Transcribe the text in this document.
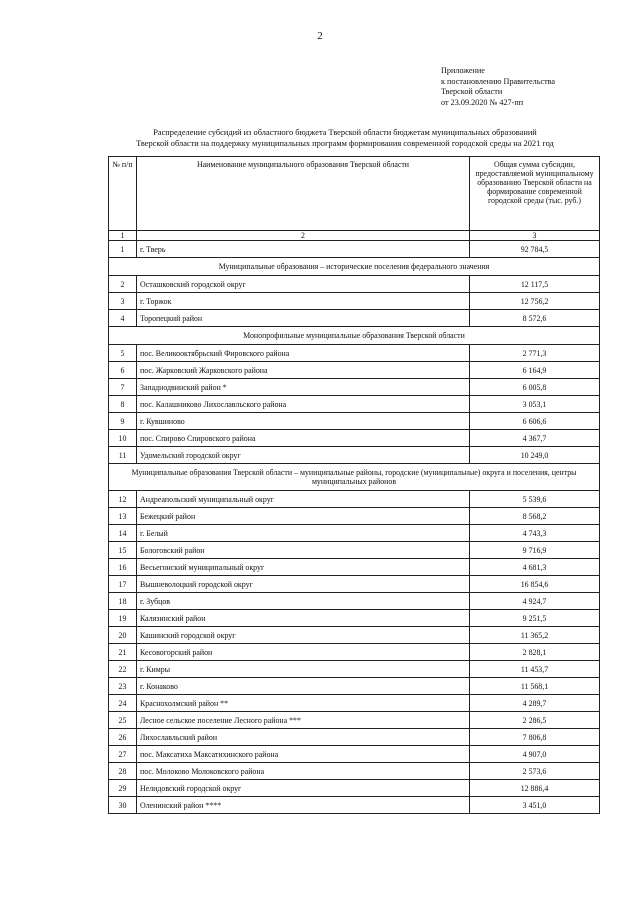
2
Приложение
к постановлению Правительства
Тверской области
от 23.09.2020 № 427-пп
Распределение субсидий из областного бюджета Тверской области бюджетам муниципальных образований
Тверской области на поддержку муниципальных программ формирования современной городской среды на 2021 год
№ п/п	Наименование муниципального образования Тверской области	Общая сумма субсидии, предоставляемой муниципальному образованию Тверской области на формирование современной городской среды (тыс. руб.)
1	2	3
1	г. Тверь	92 784,5
Муниципальные образования – исторические поселения федерального значения		
2	Осташковский городской округ	12 117,5
3	г. Торжок	12 756,2
4	Торопецкий район	8 572,6
Монопрофильные муниципальные образования Тверской области		
5	пос. Великооктябрьский Фировского района	2 771,3
6	пос. Жарковский Жарковского района	6 164,9
7	Западнодвинский район *	6 005,8
8	пос. Калашниково Лихославльского района	3 053,1
9	г. Кувшиново	6 606,6
10	пос. Спирово Спировского района	4 367,7
11	Удомельский городской округ	10 249,0
Муниципальные образования Тверской области – муниципальные районы, городские (муниципальные) округа и поселения, центры муниципальных районов		
12	Андреапольский муниципальный округ	5 539,6
13	Бежецкий район	8 568,2
14	г. Белый	4 743,3
15	Бологовский район	9 716,9
16	Весьегонский муниципальный округ	4 681,3
17	Вышневолоцкий городской округ	16 854,6
18	г. Зубцов	4 924,7
19	Калязинский район	9 251,5
20	Кашинский городской округ	11 365,2
21	Кесовогорский район	2 828,1
22	г. Кимры	11 453,7
23	г. Конаково	11 568,1
24	Краснохолмский район **	4 289,7
25	Лесное сельское поселение Лесного района ***	2 286,5
26	Лихославльский район	7 806,8
27	пос. Максатиха Максатихинского района	4 907,0
28	пос. Молоково Молоковского района	2 573,6
29	Нелидовский городской округ	12 886,4
30	Оленинский район ****	3 451,0
